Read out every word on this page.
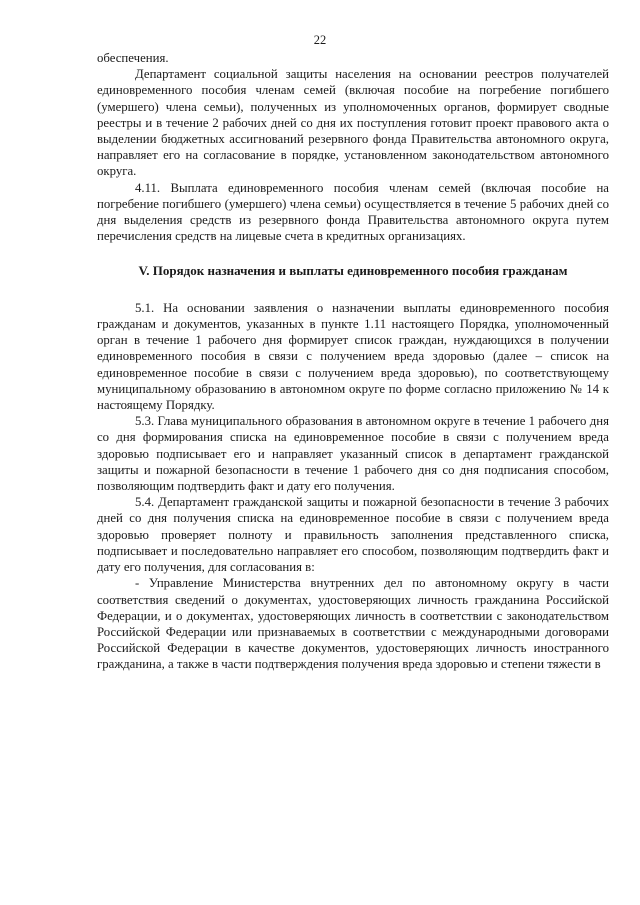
22

обеспечения.

Департамент социальной защиты населения на основании реестров получателей единовременного пособия членам семей (включая пособие на погребение погибшего (умершего) члена семьи), полученных из уполномоченных органов, формирует сводные реестры и в течение 2 рабочих дней со дня их поступления готовит проект правового акта о выделении бюджетных ассигнований резервного фонда Правительства автономного округа, направляет его на согласование в порядке, установленном законодательством автономного округа.

4.11. Выплата единовременного пособия членам семей (включая пособие на погребение погибшего (умершего) члена семьи) осуществляется в течение 5 рабочих дней со дня выделения средств из резервного фонда Правительства автономного округа путем перечисления средств на лицевые счета в кредитных организациях.

V. Порядок назначения и выплаты единовременного пособия гражданам

5.1. На основании заявления о назначении выплаты единовременного пособия гражданам и документов, указанных в пункте 1.11 настоящего Порядка, уполномоченный орган в течение 1 рабочего дня формирует список граждан, нуждающихся в получении единовременного пособия в связи с получением вреда здоровью (далее – список на единовременное пособие в связи с получением вреда здоровью), по соответствующему муниципальному образованию в автономном округе по форме согласно приложению № 14 к настоящему Порядку.

5.3. Глава муниципального образования в автономном округе в течение 1 рабочего дня со дня формирования списка на единовременное пособие в связи с получением вреда здоровью подписывает его и направляет указанный список в департамент гражданской защиты и пожарной безопасности в течение 1 рабочего дня со дня подписания способом, позволяющим подтвердить факт и дату его получения.

5.4. Департамент гражданской защиты и пожарной безопасности в течение 3 рабочих дней со дня получения списка на единовременное пособие в связи с получением вреда здоровью проверяет полноту и правильность заполнения представленного списка, подписывает и последовательно направляет его способом, позволяющим подтвердить факт и дату его получения, для согласования в:

- Управление Министерства внутренних дел по автономному округу в части соответствия сведений о документах, удостоверяющих личность гражданина Российской Федерации, и о документах, удостоверяющих личность в соответствии с законодательством Российской Федерации или признаваемых в соответствии с международными договорами Российской Федерации в качестве документов, удостоверяющих личность иностранного гражданина, а также в части подтверждения получения вреда здоровью и степени тяжести в
